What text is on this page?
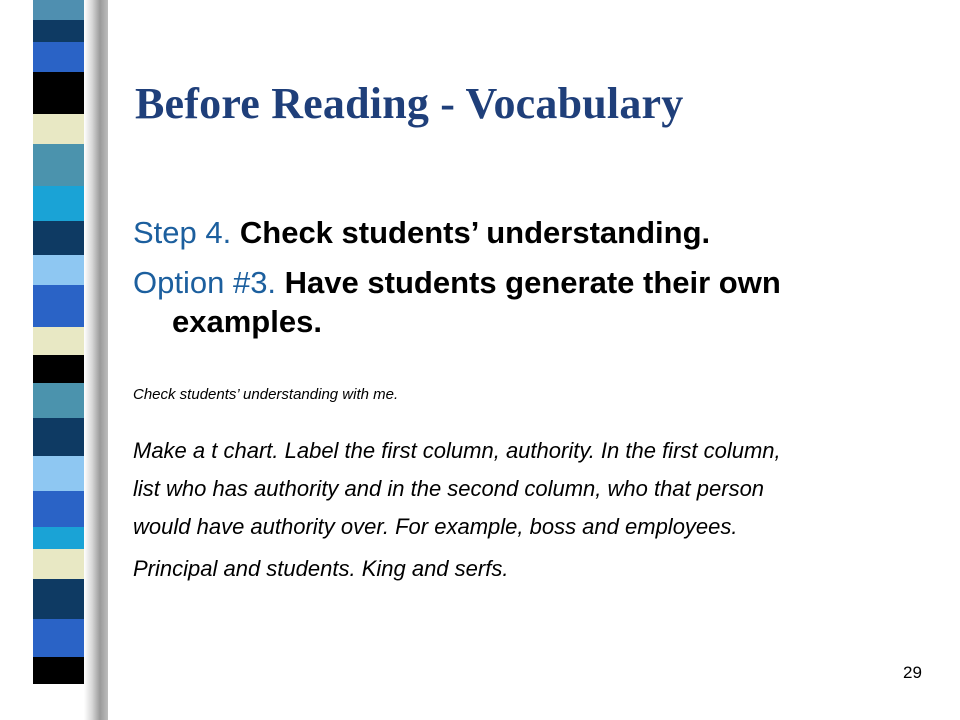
Before Reading - Vocabulary

Step 4. Check students’ understanding.

Option #3. Have students generate their own

examples.

Check students’ understanding with me.

Make a t chart. Label the first column, authority. In the first column,
list who has authority and in the second column, who that person
would have authority over. For example, boss and employees.
Principal and students. King and serfs.
29
